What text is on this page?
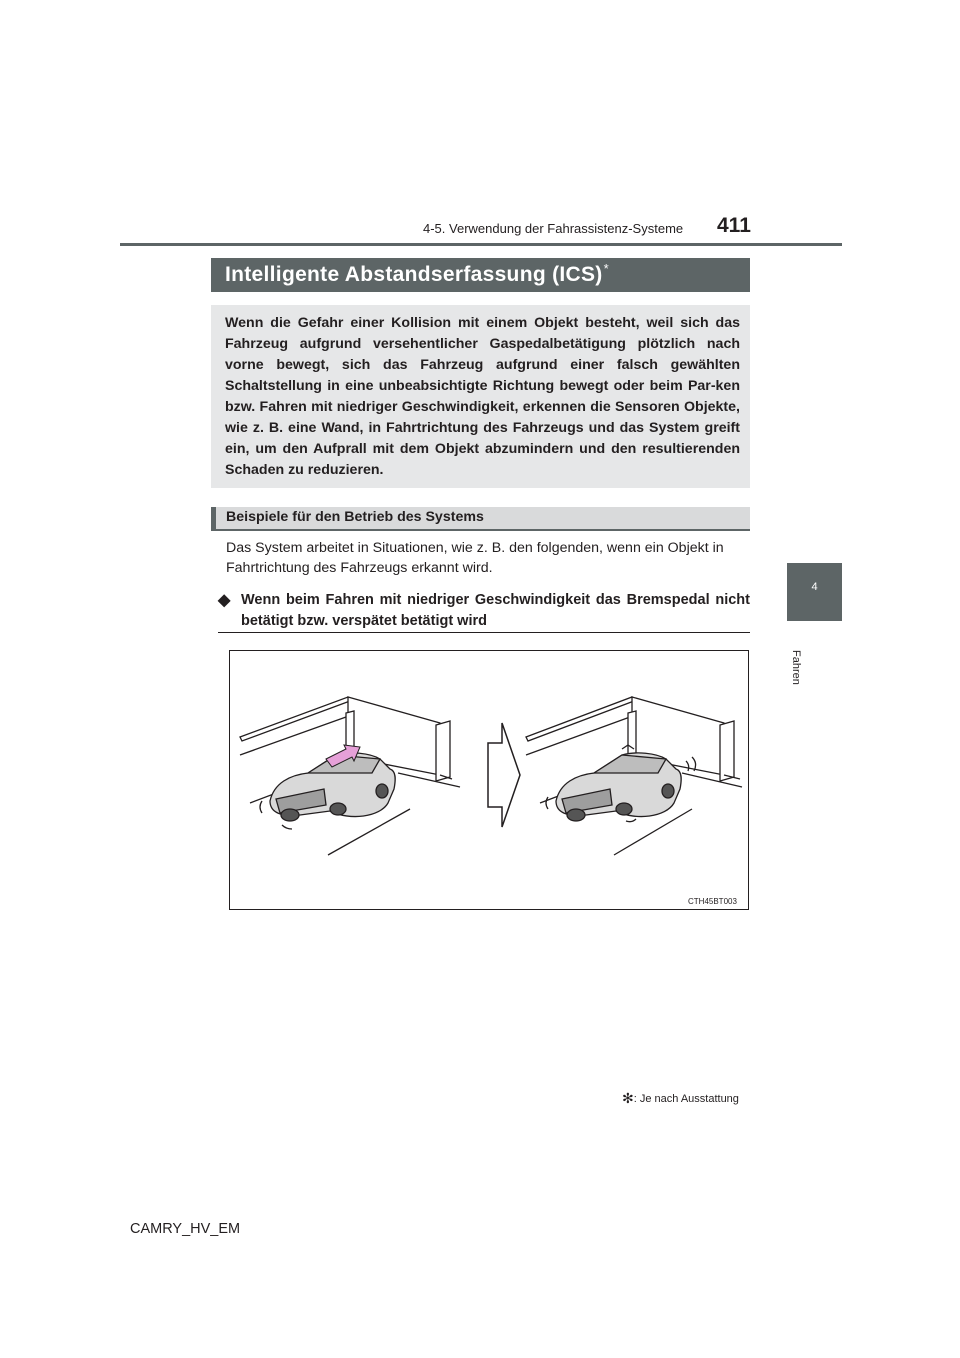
4-5. Verwendung der Fahrassistenz-Systeme 411
4
Fahren
Intelligente Abstandserfassung (ICS)*
Wenn die Gefahr einer Kollision mit einem Objekt besteht, weil sich das Fahrzeug aufgrund versehentlicher Gaspedalbetätigung plötzlich nach vorne bewegt, sich das Fahrzeug aufgrund einer falsch gewählten Schaltstellung in eine unbeabsichtigte Richtung bewegt oder beim Par-ken bzw. Fahren mit niedriger Geschwindigkeit, erkennen die Sensoren Objekte, wie z. B. eine Wand, in Fahrtrichtung des Fahrzeugs und das System greift ein, um den Aufprall mit dem Objekt abzumindern und den resultierenden Schaden zu reduzieren.
Beispiele für den Betrieb des Systems
Das System arbeitet in Situationen, wie z. B. den folgenden, wenn ein Objekt in Fahrtrichtung des Fahrzeugs erkannt wird.
◆ Wenn beim Fahren mit niedriger Geschwindigkeit das Bremspedal nicht betätigt bzw. verspätet betätigt wird
CTH45BT003
✻: Je nach Ausstattung
CAMRY_HV_EM
